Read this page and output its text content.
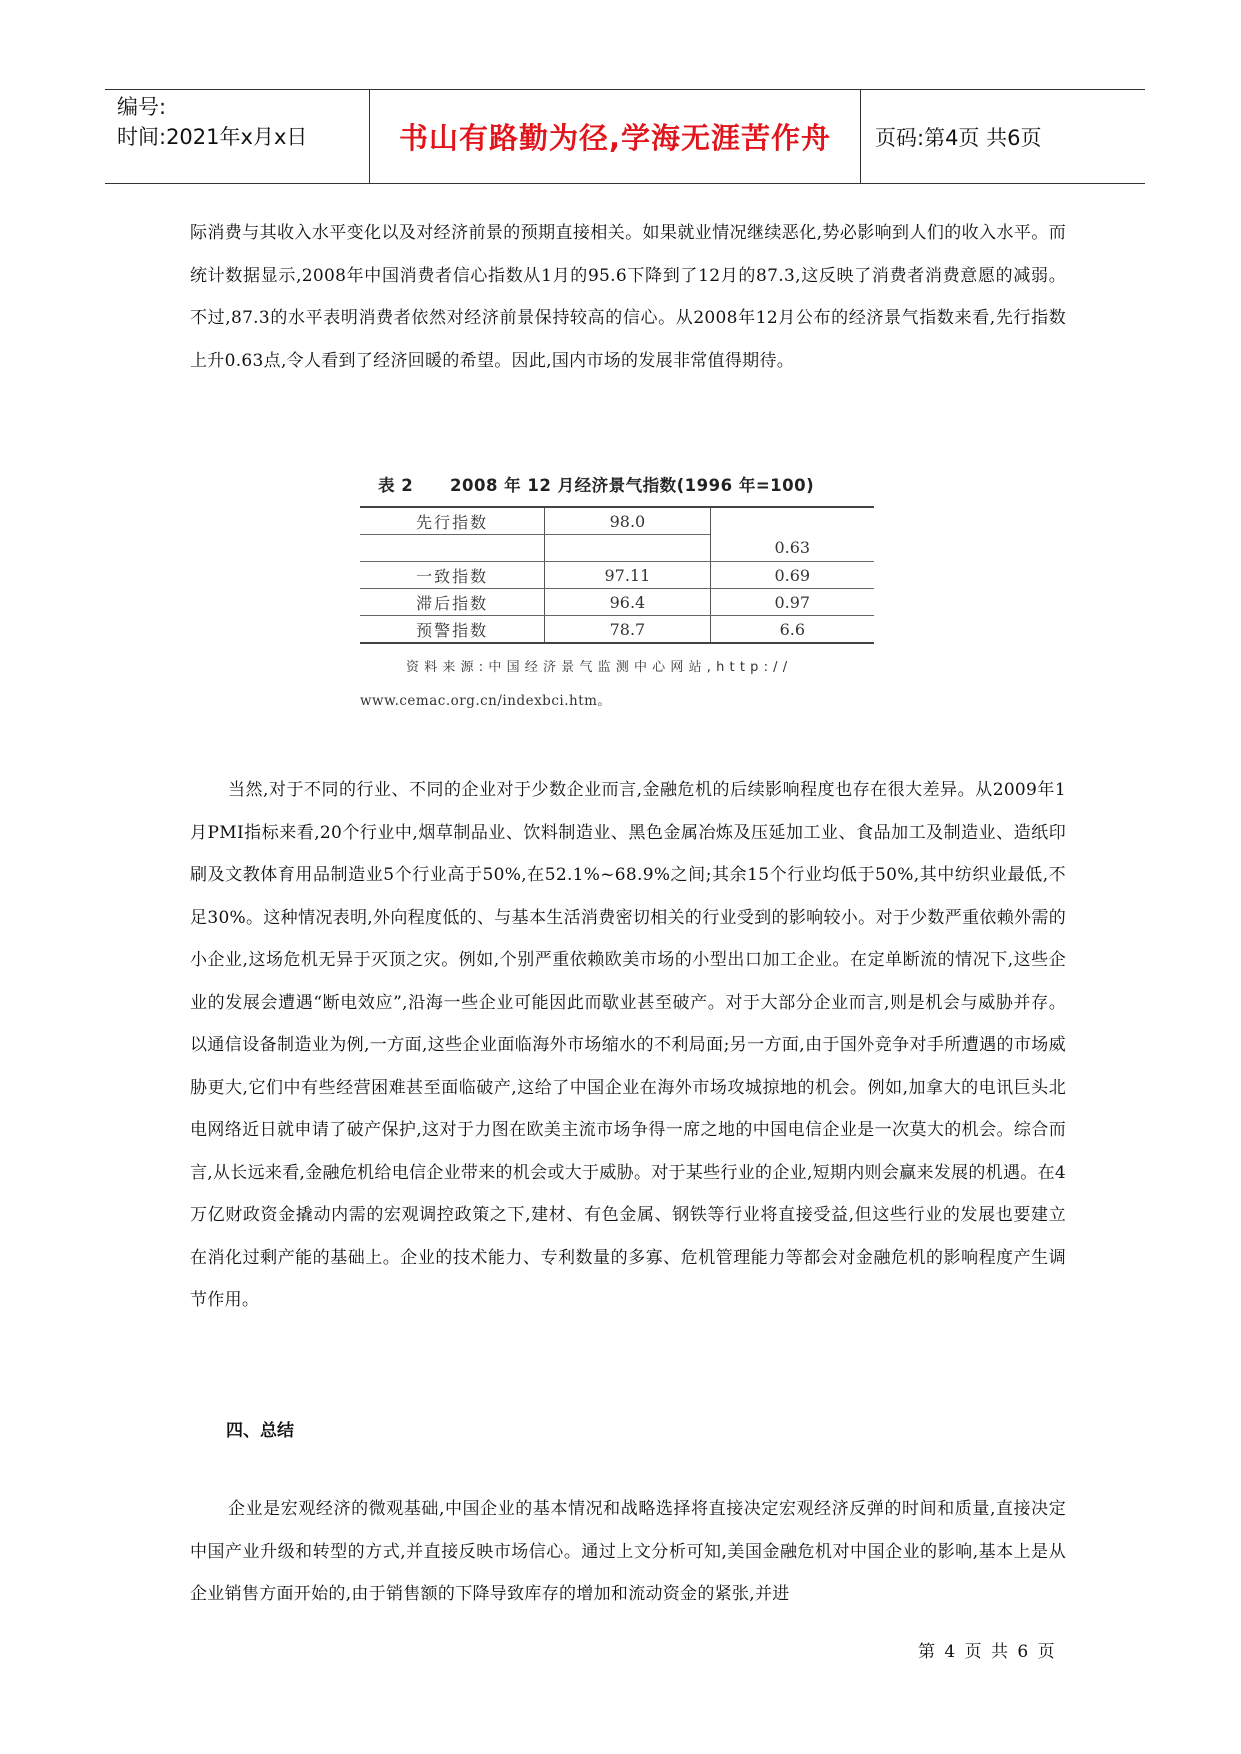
编号:
时间:2021年x月x日	书山有路勤为径,学海无涯苦作舟	页码:第4页 共6页
际消费与其收入水平变化以及对经济前景的预期直接相关。如果就业情况继续恶化,势必影响到人们的收入水平。而统计数据显示,2008年中国消费者信心指数从1月的95.6下降到了12月的87.3,这反映了消费者消费意愿的减弱。不过,87.3的水平表明消费者依然对经济前景保持较高的信心。从2008年12月公布的经济景气指数来看,先行指数上升0.63点,令人看到了经济回暖的希望。因此,国内市场的发展非常值得期待。
表 2 2008 年 12 月经济景气指数(1996 年=100)
先行指数	98.0	
		0.63
一致指数	97.11	0.69
滞后指数	96.4	0.97
预警指数	78.7	6.6
资料来源:中国经济景气监测中心网站,http://
www.cemac.org.cn/indexbci.htm。
当然,对于不同的行业、不同的企业对于少数企业而言,金融危机的后续影响程度也存在很大差异。从2009年1月PMI指标来看,20个行业中,烟草制品业、饮料制造业、黑色金属冶炼及压延加工业、食品加工及制造业、造纸印刷及文教体育用品制造业5个行业高于50%,在52.1%~68.9%之间;其余15个行业均低于50%,其中纺织业最低,不足30%。这种情况表明,外向程度低的、与基本生活消费密切相关的行业受到的影响较小。对于少数严重依赖外需的小企业,这场危机无异于灭顶之灾。例如,个别严重依赖欧美市场的小型出口加工企业。在定单断流的情况下,这些企业的发展会遭遇“断电效应”,沿海一些企业可能因此而歇业甚至破产。对于大部分企业而言,则是机会与威胁并存。以通信设备制造业为例,一方面,这些企业面临海外市场缩水的不利局面;另一方面,由于国外竞争对手所遭遇的市场威胁更大,它们中有些经营困难甚至面临破产,这给了中国企业在海外市场攻城掠地的机会。例如,加拿大的电讯巨头北电网络近日就申请了破产保护,这对于力图在欧美主流市场争得一席之地的中国电信企业是一次莫大的机会。综合而言,从长远来看,金融危机给电信企业带来的机会或大于威胁。对于某些行业的企业,短期内则会赢来发展的机遇。在4万亿财政资金撬动内需的宏观调控政策之下,建材、有色金属、钢铁等行业将直接受益,但这些行业的发展也要建立在消化过剩产能的基础上。企业的技术能力、专利数量的多寡、危机管理能力等都会对金融危机的影响程度产生调节作用。
四、总结
企业是宏观经济的微观基础,中国企业的基本情况和战略选择将直接决定宏观经济反弹的时间和质量,直接决定中国产业升级和转型的方式,并直接反映市场信心。通过上文分析可知,美国金融危机对中国企业的影响,基本上是从企业销售方面开始的,由于销售额的下降导致库存的增加和流动资金的紧张,并进
第 4 页 共 6 页
